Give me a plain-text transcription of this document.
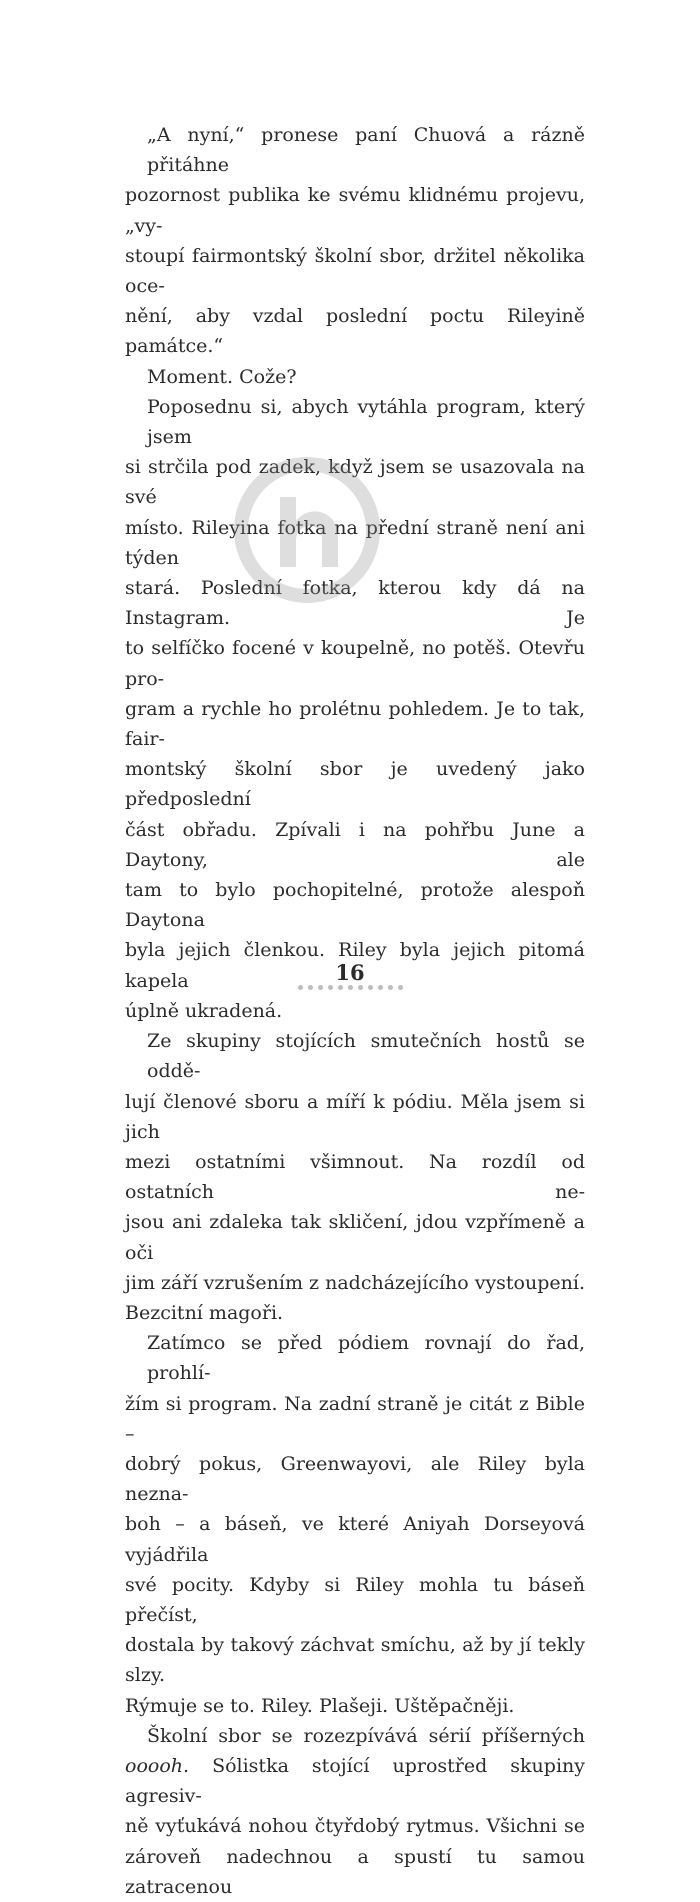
„A nyní,“ pronese paní Chuová a rázně přitáhne
pozornost publika ke svému klidnému projevu, „vy-
stoupí fairmontský školní sbor, držitel několika oce-
nění, aby vzdal poslední poctu Rileyině památce.“
Moment. Cože?
Poposednu si, abych vytáhla program, který jsem
si strčila pod zadek, když jsem se usazovala na své
místo. Rileyina fotka na přední straně není ani týden
stará. Poslední fotka, kterou kdy dá na Instagram. Je
to selfíčko focené v koupelně, no potěš. Otevřu pro-
gram a rychle ho prolétnu pohledem. Je to tak, fair-
montský školní sbor je uvedený jako předposlední
část obřadu. Zpívali i na pohřbu June a Daytony, ale
tam to bylo pochopitelné, protože alespoň Daytona
byla jejich členkou. Riley byla jejich pitomá kapela
úplně ukradená.
Ze skupiny stojících smutečních hostů se oddě-
lují členové sboru a míří k pódiu. Měla jsem si jich
mezi ostatními všimnout. Na rozdíl od ostatních ne-
jsou ani zdaleka tak skličení, jdou vzpřímeně a oči
jim září vzrušením z nadcházejícího vystoupení.
Bezcitní magoři.
Zatímco se před pódiem rovnají do řad, prohlí-
žím si program. Na zadní straně je citát z Bible –
dobrý pokus, Greenwayovi, ale Riley byla nezna-
boh – a báseň, ve které Aniyah Dorseyová vyjádřila
své pocity. Kdyby si Riley mohla tu báseň přečíst,
dostala by takový záchvat smíchu, až by jí tekly slzy.
Rýmuje se to. Riley. Plašeji. Uštěpačněji.
Školní sbor se rozezpívává sérií příšerných
ooooh. Sólistka stojící uprostřed skupiny agresiv-
ně vyťukává nohou čtyřdobý rytmus. Všichni se
zároveň nadechnou a spustí tu samou zatracenou
16
